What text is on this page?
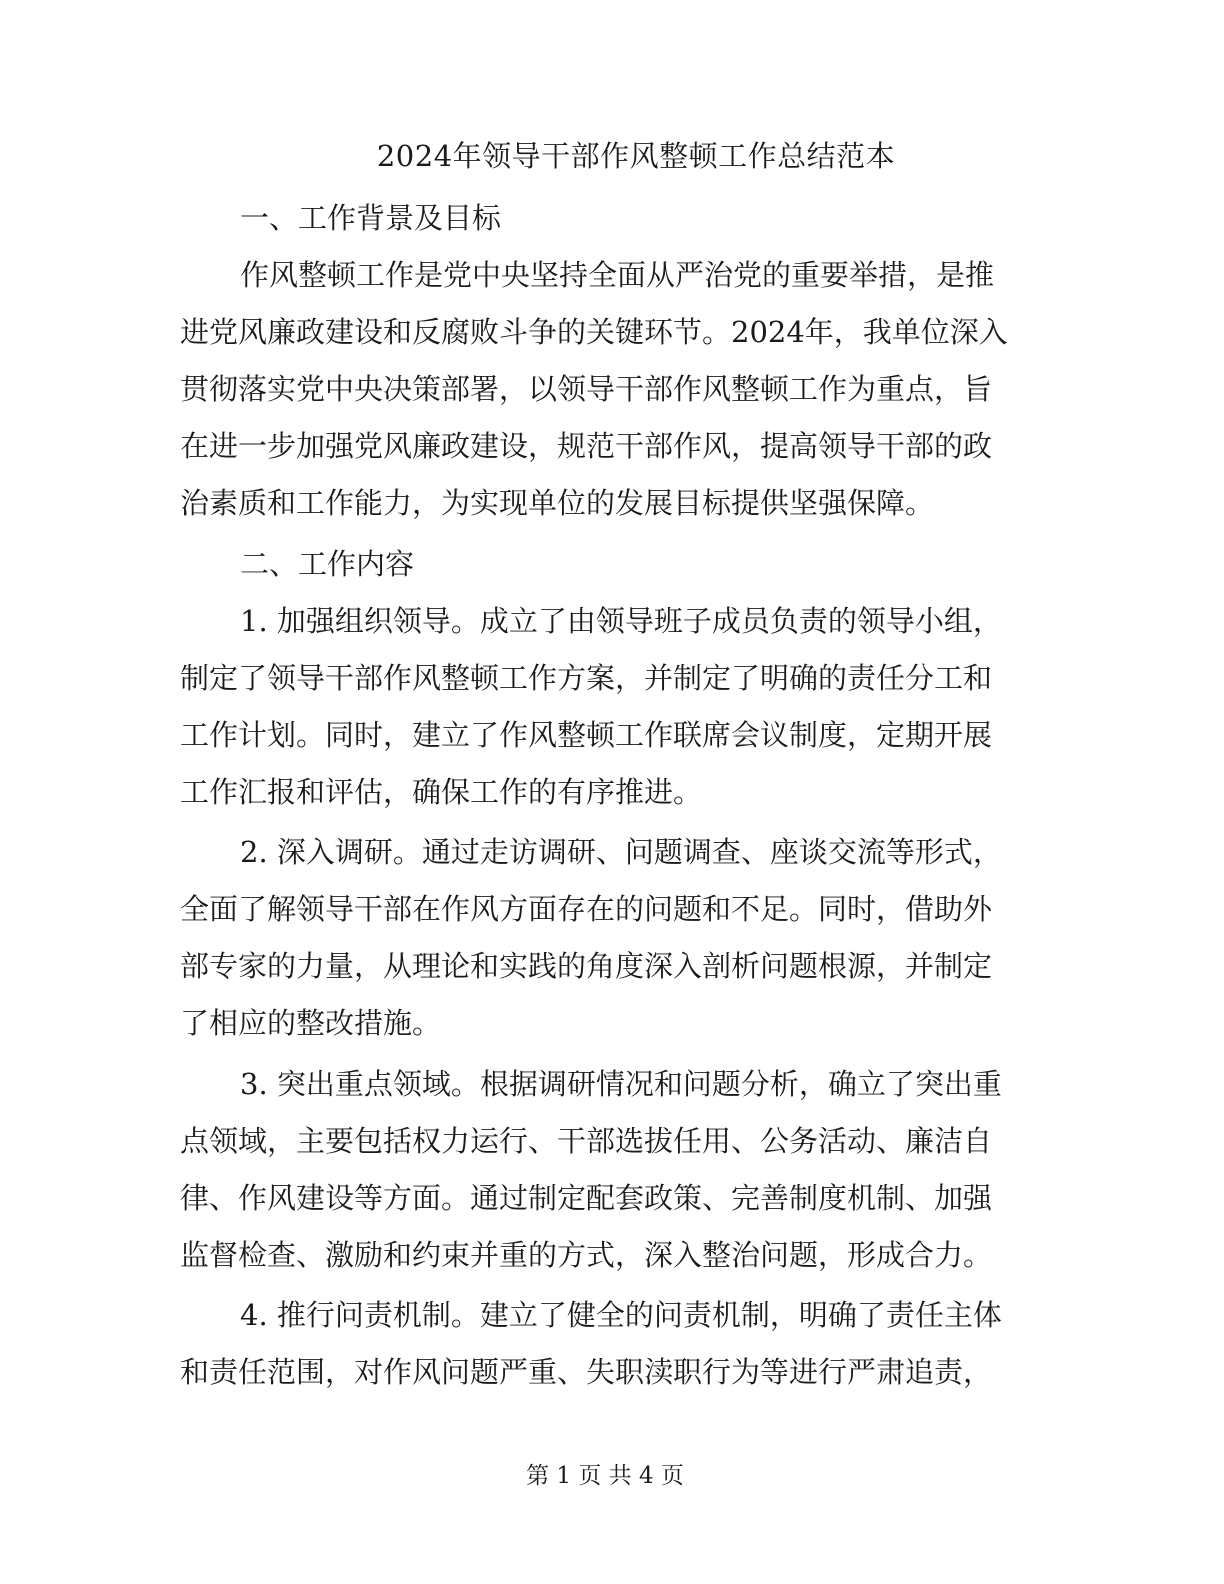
2024年领导干部作风整顿工作总结范本
一、工作背景及目标
作风整顿工作是党中央坚持全面从严治党的重要举措，是推
进党风廉政建设和反腐败斗争的关键环节。2024年，我单位深入
贯彻落实党中央决策部署，以领导干部作风整顿工作为重点，旨
在进一步加强党风廉政建设，规范干部作风，提高领导干部的政
治素质和工作能力，为实现单位的发展目标提供坚强保障。
二、工作内容
1. 加强组织领导。成立了由领导班子成员负责的领导小组，
制定了领导干部作风整顿工作方案，并制定了明确的责任分工和
工作计划。同时，建立了作风整顿工作联席会议制度，定期开展
工作汇报和评估，确保工作的有序推进。
2. 深入调研。通过走访调研、问题调查、座谈交流等形式，
全面了解领导干部在作风方面存在的问题和不足。同时，借助外
部专家的力量，从理论和实践的角度深入剖析问题根源，并制定
了相应的整改措施。
3. 突出重点领域。根据调研情况和问题分析，确立了突出重
点领域，主要包括权力运行、干部选拔任用、公务活动、廉洁自
律、作风建设等方面。通过制定配套政策、完善制度机制、加强
监督检查、激励和约束并重的方式，深入整治问题，形成合力。
4. 推行问责机制。建立了健全的问责机制，明确了责任主体
和责任范围，对作风问题严重、失职渎职行为等进行严肃追责，
第 1 页 共 4 页
